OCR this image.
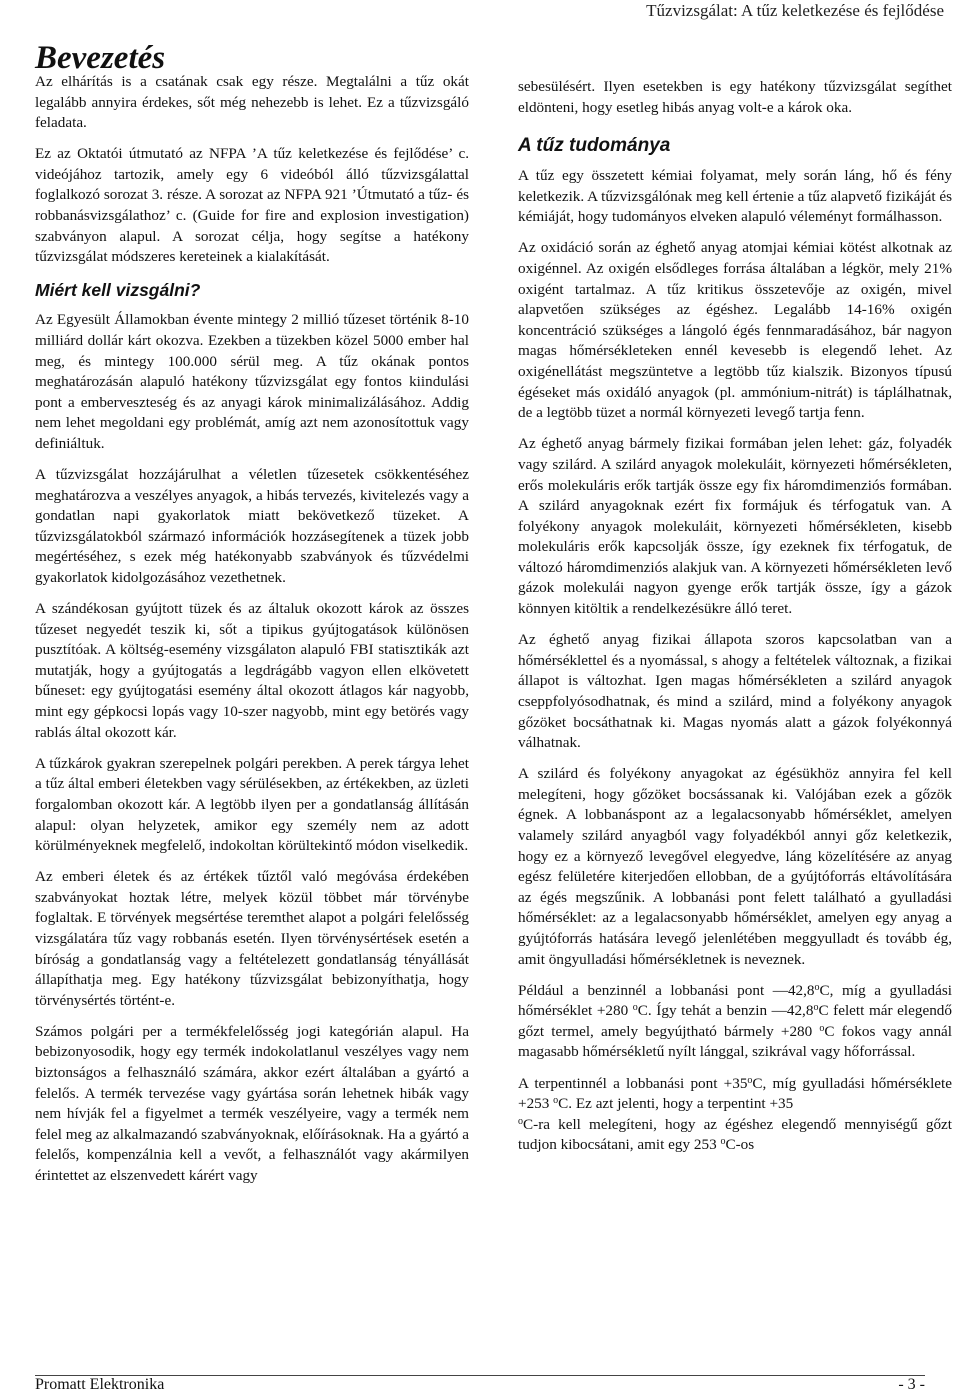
Tűzvizsgálat: A tűz keletkezése és fejlődése
Bevezetés

Az elhárítás is a csatának csak egy része. Megtalálni a tűz okát legalább annyira érdekes, sőt még nehezebb is lehet. Ez a tűzvizsgáló feladata.

Ez az Oktatói útmutató az NFPA ’A tűz keletkezése és fejlődése’ c. videójához tartozik, amely egy 6 videóból álló tűzvizsgálattal foglalkozó sorozat 3. része. A sorozat az NFPA 921 ’Útmutató a tűz- és robbanásvizsgálathoz’ c. (Guide for fire and explosion investigation) szabványon alapul. A sorozat célja, hogy segítse a hatékony tűzvizsgálat módszeres kereteinek a kialakítását.

Miért kell vizsgálni?

Az Egyesült Államokban évente mintegy 2 millió tűzeset történik 8-10 milliárd dollár kárt okozva. Ezekben a tüzekben közel 5000 ember hal meg, és mintegy 100.000 sérül meg. A tűz okának pontos meghatározásán alapuló hatékony tűzvizsgálat egy fontos kiindulási pont a emberveszteség és az anyagi károk minimalizálásához. Addig nem lehet megoldani egy problémát, amíg azt nem azonosítottuk vagy definiáltuk.

A tűzvizsgálat hozzájárulhat a véletlen tűzesetek csökkentéséhez meghatározva a veszélyes anyagok, a hibás tervezés, kivitelezés vagy a gondatlan napi gyakorlatok miatt bekövetkező tüzeket. A tűzvizsgálatokból származó információk hozzásegítenek a tüzek jobb megértéséhez, s ezek még hatékonyabb szabványok és tűzvédelmi gyakorlatok kidolgozásához vezethetnek.

A szándékosan gyújtott tüzek és az általuk okozott károk az összes tűzeset negyedét teszik ki, sőt a tipikus gyújtogatások különösen pusztítóak. A költség-esemény vizsgálaton alapuló FBI statisztikák azt mutatják, hogy a gyújtogatás a legdrágább vagyon ellen elkövetett bűneset: egy gyújtogatási esemény által okozott átlagos kár nagyobb, mint egy gépkocsi lopás vagy 10-szer nagyobb, mint egy betörés vagy rablás által okozott kár.

A tűzkárok gyakran szerepelnek polgári perekben. A perek tárgya lehet a tűz által emberi életekben vagy sérülésekben, az értékekben, az üzleti forgalomban okozott kár. A legtöbb ilyen per a gondatlanság állításán alapul: olyan helyzetek, amikor egy személy nem az adott körülményeknek megfelelő, indokoltan körültekintő módon viselkedik.

Az emberi életek és az értékek tűztől való megóvása érdekében szabványokat hoztak létre, melyek közül többet már törvénybe foglaltak. E törvények megsértése teremthet alapot a polgári felelősség vizsgálatára tűz vagy robbanás esetén. Ilyen törvénysértések esetén a bíróság a gondatlanság vagy a feltételezett gondatlanság tényállását állapíthatja meg. Egy hatékony tűzvizsgálat bebizonyíthatja, hogy törvénysértés történt-e.

Számos polgári per a termékfelelősség jogi kategórián alapul. Ha bebizonyosodik, hogy egy termék indokolatlanul veszélyes vagy nem biztonságos a felhasználó számára, akkor ezért általában a gyártó a felelős. A termék tervezése vagy gyártása során lehetnek hibák vagy nem hívják fel a figyelmet a termék veszélyeire, vagy a termék nem felel meg az alkalmazandó szabványoknak, előírásoknak. Ha a gyártó a felelős, kompenzálnia kell a vevőt, a felhasználót vagy akármilyen érintettet az elszenvedett kárért vagy

sebesülésért. Ilyen esetekben is egy hatékony tűzvizsgálat segíthet eldönteni, hogy esetleg hibás anyag volt-e a károk oka.

A tűz tudománya

A tűz egy összetett kémiai folyamat, mely során láng, hő és fény keletkezik. A tűzvizsgálónak meg kell értenie a tűz alapvető fizikáját és kémiáját, hogy tudományos elveken alapuló véleményt formálhasson.

Az oxidáció során az éghető anyag atomjai kémiai kötést alkotnak az oxigénnel. Az oxigén elsődleges forrása általában a légkör, mely 21% oxigént tartalmaz. A tűz kritikus összetevője az oxigén, mivel alapvetően szükséges az égéshez. Legalább 14-16% oxigén koncentráció szükséges a lángoló égés fennmaradásához, bár nagyon magas hőmérsékleteken ennél kevesebb is elegendő lehet. Az oxigénellátást megszüntetve a legtöbb tűz kialszik. Bizonyos típusú égéseket más oxidáló anyagok (pl. ammónium-nitrát) is táplálhatnak, de a legtöbb tüzet a normál környezeti levegő tartja fenn.

Az éghető anyag bármely fizikai formában jelen lehet: gáz, folyadék vagy szilárd. A szilárd anyagok molekuláit, környezeti hőmérsékleten, erős molekuláris erők tartják össze egy fix háromdimenziós formában. A szilárd anyagoknak ezért fix formájuk és térfogatuk van. A folyékony anyagok molekuláit, környezeti hőmérsékleten, kisebb molekuláris erők kapcsolják össze, így ezeknek fix térfogatuk, de változó háromdimenziós alakjuk van. A környezeti hőmérsékleten levő gázok molekulái nagyon gyenge erők tartják össze, így a gázok könnyen kitöltik a rendelkezésükre álló teret.

Az éghető anyag fizikai állapota szoros kapcsolatban van a hőmérséklettel és a nyomással, s ahogy a feltételek változnak, a fizikai állapot is változhat. Igen magas hőmérsékleten a szilárd anyagok cseppfolyósodhatnak, és mind a szilárd, mind a folyékony anyagok gőzöket bocsáthatnak ki. Magas nyomás alatt a gázok folyékonnyá válhatnak.

A szilárd és folyékony anyagokat az égésükhöz annyira fel kell melegíteni, hogy gőzöket bocsássanak ki. Valójában ezek a gőzök égnek. A lobbanáspont az a legalacsonyabb hőmérséklet, amelyen valamely szilárd anyagból vagy folyadékból annyi gőz keletkezik, hogy ez a környező levegővel elegyedve, láng közelítésére az anyag egész felületére kiterjedően ellobban, de a gyújtóforrás eltávolítására az égés megszűnik. A lobbanási pont felett található a gyulladási hőmérséklet: az a legalacsonyabb hőmérséklet, amelyen egy anyag a gyújtóforrás hatására levegő jelenlétében meggyulladt és tovább ég, amit öngyulladási hőmérsékletnek is neveznek.

Például a benzinnél a lobbanási pont —42,8$^o$C, míg a gyulladási hőmérséklet +280 $^o$C. Így tehát a benzin —42,8$^o$C felett már elegendő gőzt termel, amely begyújtható bármely +280 $^o$C fokos vagy annál magasabb hőmérsékletű nyílt lánggal, szikrával vagy hőforrással.

A terpentinnél a lobbanási pont $+35^oC$, míg gyulladási hőmérséklete +253 $^o$C. Ez azt jelenti, hogy a terpentint +35
$^o$C-ra kell melegíteni, hogy az égéshez elegendő mennyiségű gőzt tudjon kibocsátani, amit egy 253 $^o$C-os

Promatt Elektronika	- 3 -
